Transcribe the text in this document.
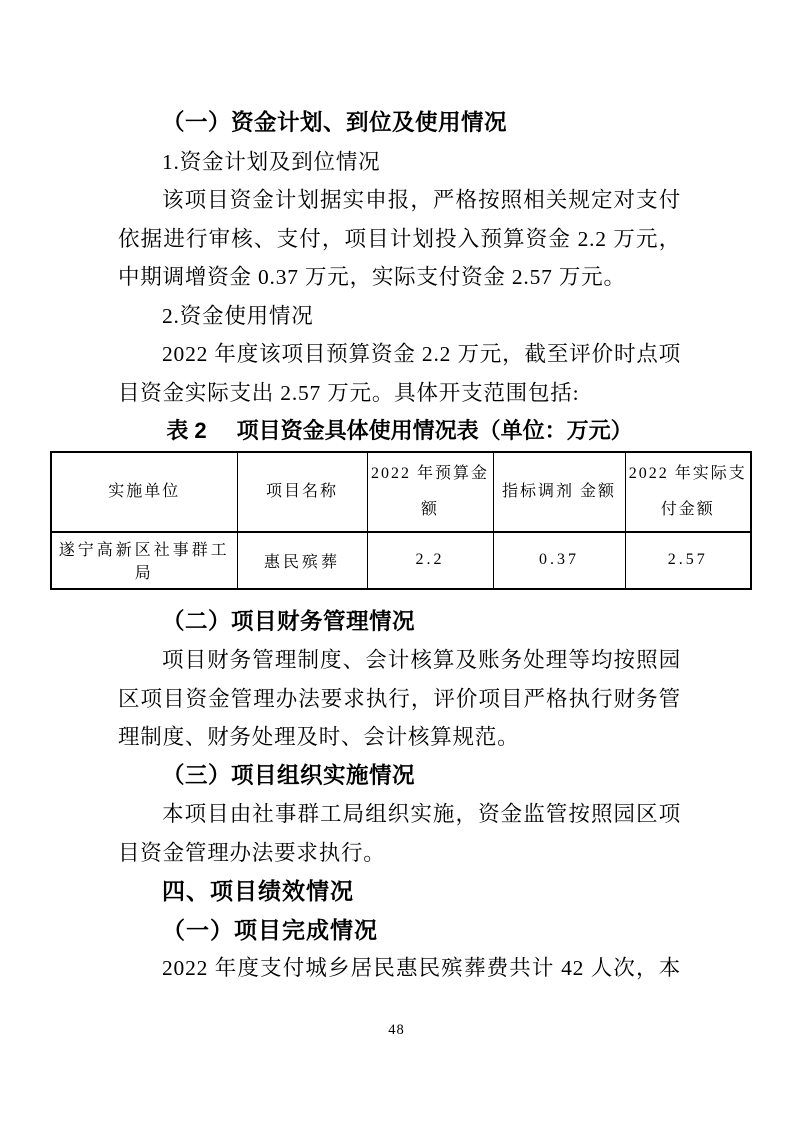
（一）资金计划、到位及使用情况

1.资金计划及到位情况

该项目资金计划据实申报，严格按照相关规定对支付依据进行审核、支付，项目计划投入预算资金 2.2 万元，中期调增资金 0.37 万元，实际支付资金 2.57 万元。

2.资金使用情况

2022 年度该项目预算资金 2.2 万元，截至评价时点项目资金实际支出 2.57 万元。具体开支范围包括:

表 2 项目资金具体使用情况表（单位：万元）
实施单位	项目名称	2022 年预算金额	指标调剂 金额	2022 年实际支付金额
遂宁高新区社事群工局	惠民殡葬	2.2	0.37	2.57
（二）项目财务管理情况

项目财务管理制度、会计核算及账务处理等均按照园区项目资金管理办法要求执行，评价项目严格执行财务管理制度、财务处理及时、会计核算规范。

（三）项目组织实施情况

本项目由社事群工局组织实施，资金监管按照园区项目资金管理办法要求执行。

四、项目绩效情况
（一）项目完成情况

2022 年度支付城乡居民惠民殡葬费共计 42 人次，本

48
